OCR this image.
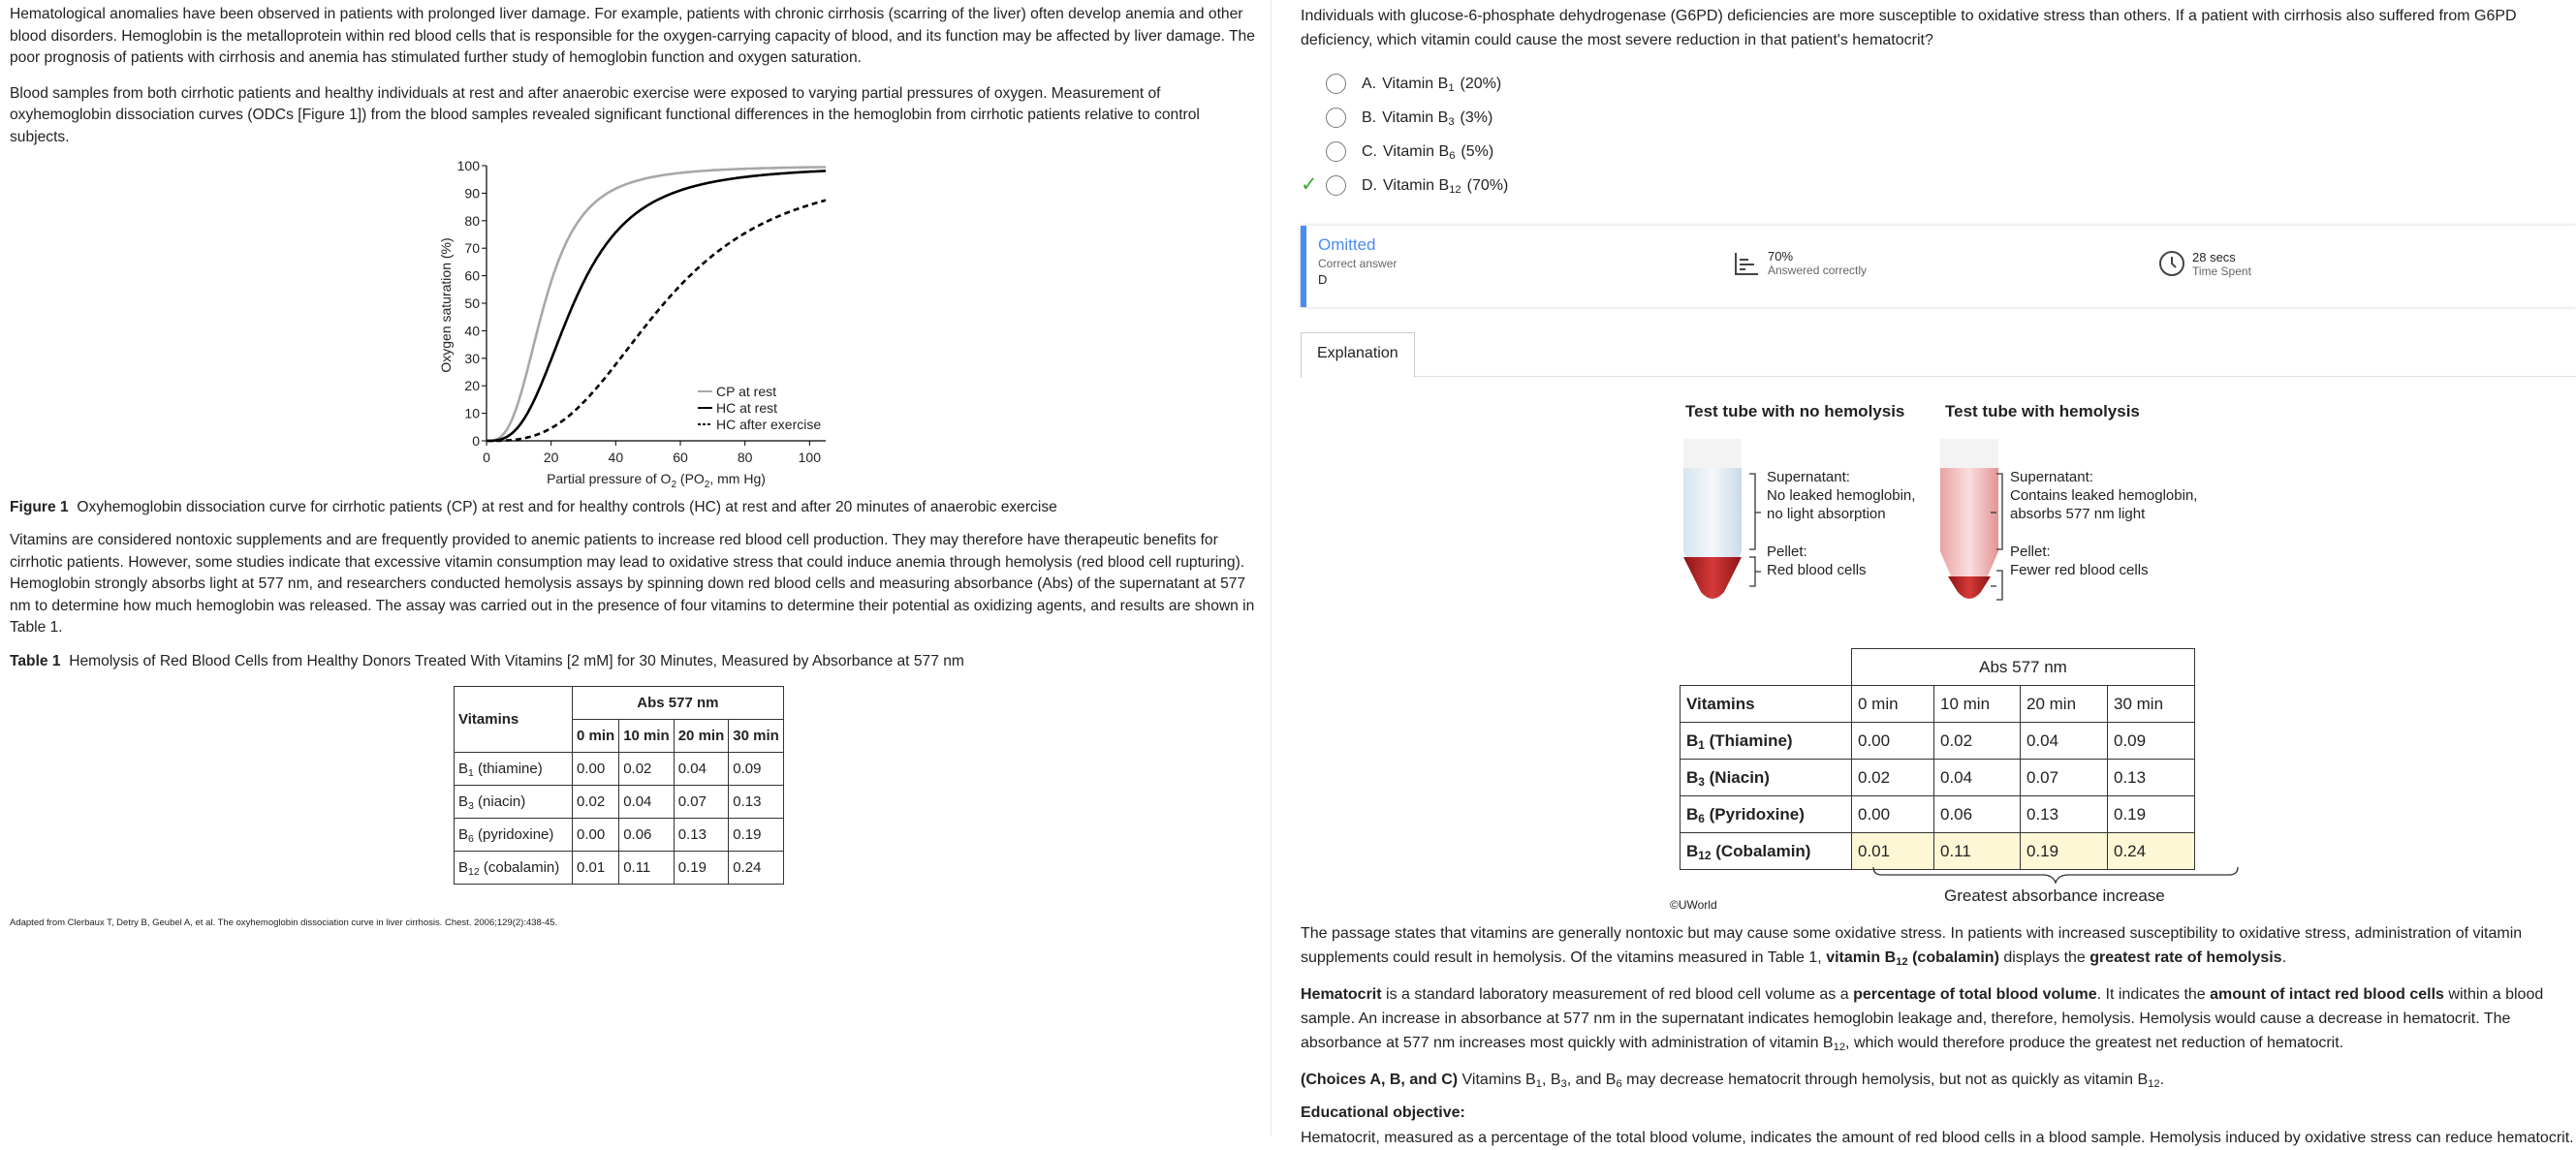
Hematological anomalies have been observed in patients with prolonged liver damage. For example, patients with chronic cirrhosis (scarring of the liver) often develop anemia and other blood disorders. Hemoglobin is the metalloprotein within red blood cells that is responsible for the oxygen-carrying capacity of blood, and its function may be affected by liver damage. The poor prognosis of patients with cirrhosis and anemia has stimulated further study of hemoglobin function and oxygen saturation.

Blood samples from both cirrhotic patients and healthy individuals at rest and after anaerobic exercise were exposed to varying partial pressures of oxygen. Measurement of oxyhemoglobin dissociation curves (ODCs [Figure 1]) from the blood samples revealed significant functional differences in the hemoglobin from cirrhotic patients relative to control subjects.

Oxygen saturation (%)
0
10
20
30
40
50
60
70
80
90
100
0	20	40	60	80	100
CP at rest
HC at rest
HC after exercise
Partial pressure of $O_2$ ($PO_2$, mm Hg)
Figure 1 Oxyhemoglobin dissociation curve for cirrhotic patients (CP) at rest and for healthy controls (HC) at rest and after 20 minutes of anaerobic exercise

Vitamins are considered nontoxic supplements and are frequently provided to anemic patients to increase red blood cell production. They may therefore have therapeutic benefits for cirrhotic patients. However, some studies indicate that excessive vitamin consumption may lead to oxidative stress that could induce anemia through hemolysis (red blood cell rupturing). Hemoglobin strongly absorbs light at 577 nm, and researchers conducted hemolysis assays by spinning down red blood cells and measuring absorbance (Abs) of the supernatant at 577 nm to determine how much hemoglobin was released. The assay was carried out in the presence of four vitamins to determine their potential as oxidizing agents, and results are shown in Table 1.

Table 1 Hemolysis of Red Blood Cells from Healthy Donors Treated With Vitamins [2 mM] for 30 Minutes, Measured by Absorbance at 577 nm
Vitamins	Abs 577 nm			
	0 min	10 min	20 min	30 min
$B_1$ (thiamine)	0.00	0.02	0.04	0.09
$B_3$ (niacin)	0.02	0.04	0.07	0.13
$B_6$ (pyridoxine)	0.00	0.06	0.13	0.19
$B_{12}$ (cobalamin)	0.01	0.11	0.19	0.24
Adapted from Clerbaux T, Detry B, Geubel A, et al. The oxyhemoglobin dissociation curve in liver cirrhosis. Chest. 2006;129(2):438-45.

Individuals with glucose-6-phosphate dehydrogenase (G6PD) deficiencies are more susceptible to oxidative stress than others. If a patient with cirrhosis also suffered from G6PD deficiency, which vitamin could cause the most severe reduction in that patient's hematocrit?

A. Vitamin $B_1$ (20%)
B. Vitamin $B_3$ (3%)
C. Vitamin $B_6$ (5%)
✓	D. Vitamin $B_{12}$ (70%)
Omitted
Correct answer
D
70%
Answered correctly
28 secs
Time Spent
Explanation
Test tube with no hemolysis Test tube with hemolysis
Supernatant:
No leaked hemoglobin,
no light absorption
Pellet:
Red blood cells
Supernatant:
Contains leaked hemoglobin,
absorbs 577 nm light
Pellet:
Fewer red blood cells
	Abs 577 nm			
Vitamins	0 min	10 min	20 min	30 min
$B_1$ (Thiamine)	0.00	0.02	0.04	0.09
$B_3$ (Niacin)	0.02	0.04	0.07	0.13
$B_6$ (Pyridoxine)	0.00	0.06	0.13	0.19
$B_{12}$ (Cobalamin)	0.01	0.11	0.19	0.24
Greatest absorbance increase
©UWorld

The passage states that vitamins are generally nontoxic but may cause some oxidative stress. In patients with increased susceptibility to oxidative stress, administration of vitamin supplements could result in hemolysis. Of the vitamins measured in Table 1, vitamin $B_{12}$ (cobalamin) displays the greatest rate of hemolysis.

Hematocrit is a standard laboratory measurement of red blood cell volume as a percentage of total blood volume. It indicates the amount of intact red blood cells within a blood sample. An increase in absorbance at 577 nm in the supernatant indicates hemoglobin leakage and, therefore, hemolysis. Hemolysis would cause a decrease in hematocrit. The absorbance at 577 nm increases most quickly with administration of vitamin $B_{12}$, which would therefore produce the greatest net reduction of hematocrit.

(Choices A, B, and C) Vitamins $B_1$, $B_3$, and $B_6$ may decrease hematocrit through hemolysis, but not as quickly as vitamin $B_{12}$.

Educational objective:

Hematocrit, measured as a percentage of the total blood volume, indicates the amount of red blood cells in a blood sample. Hemolysis induced by oxidative stress can reduce hematocrit.
